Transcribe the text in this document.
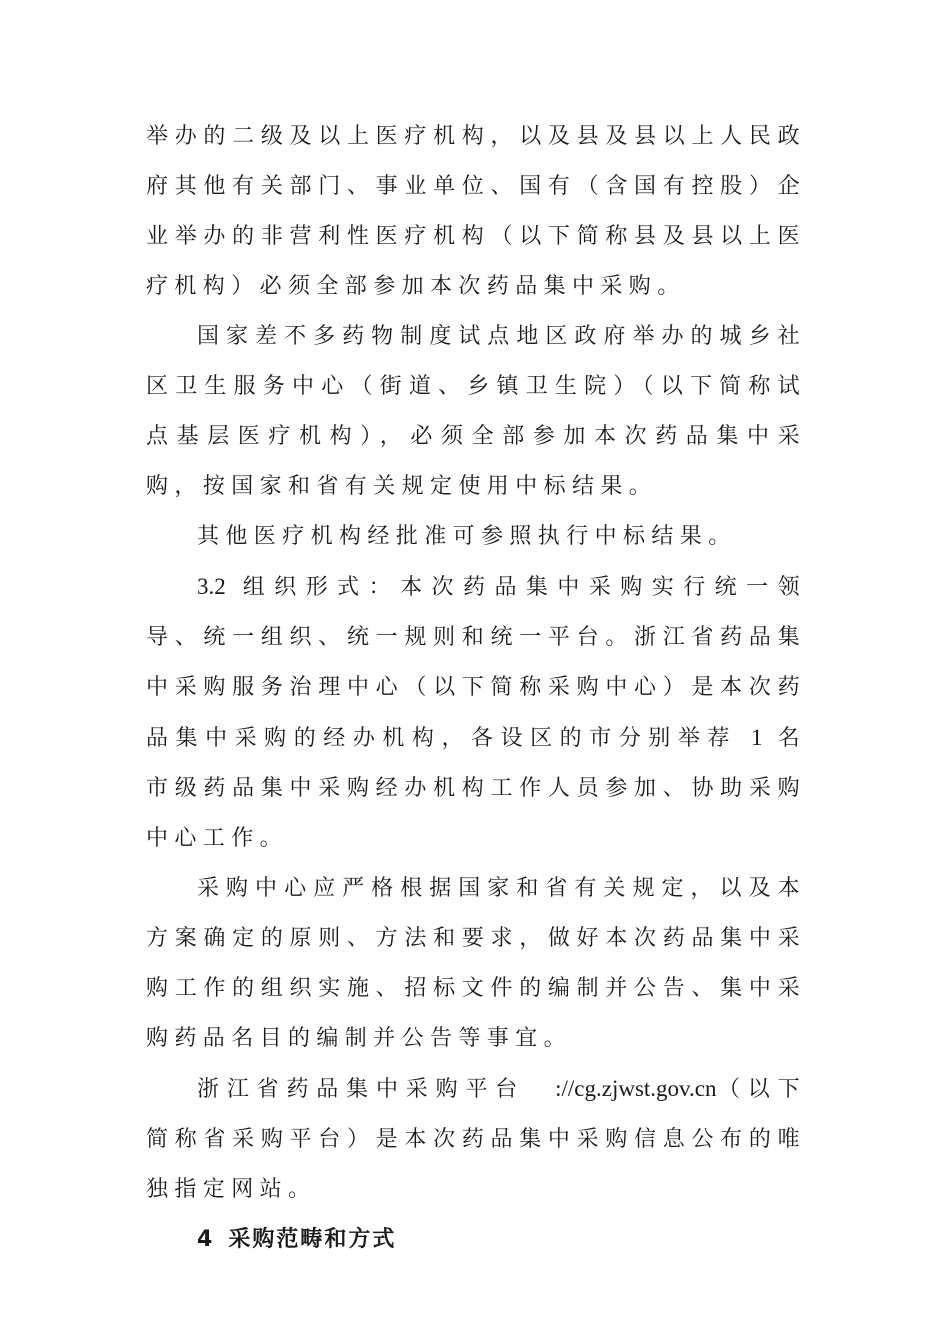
举办的二级及以上医疗机构，以及县及县以上人民政府其他有关部门、事业单位、国有（含国有控股）企业举办的非营利性医疗机构（以下简称县及县以上医疗机构）必须全部参加本次药品集中采购。

国家差不多药物制度试点地区政府举办的城乡社区卫生服务中心（街道、乡镇卫生院）（以下简称试点基层医疗机构），必须全部参加本次药品集中采购，按国家和省有关规定使用中标结果。

其他医疗机构经批准可参照执行中标结果。

3.2 组织形式：本次药品集中采购实行统一领导、统一组织、统一规则和统一平台。浙江省药品集中采购服务治理中心（以下简称采购中心）是本次药品集中采购的经办机构，各设区的市分别举荐 1 名市级药品集中采购经办机构工作人员参加、协助采购中心工作。

采购中心应严格根据国家和省有关规定，以及本方案确定的原则、方法和要求，做好本次药品集中采购工作的组织实施、招标文件的编制并公告、集中采购药品名目的编制并公告等事宜。

浙江省药品集中采购平台 ://cg.zjwst.gov.cn（以下简称省采购平台）是本次药品集中采购信息公布的唯独指定网站。

4 采购范畴和方式
